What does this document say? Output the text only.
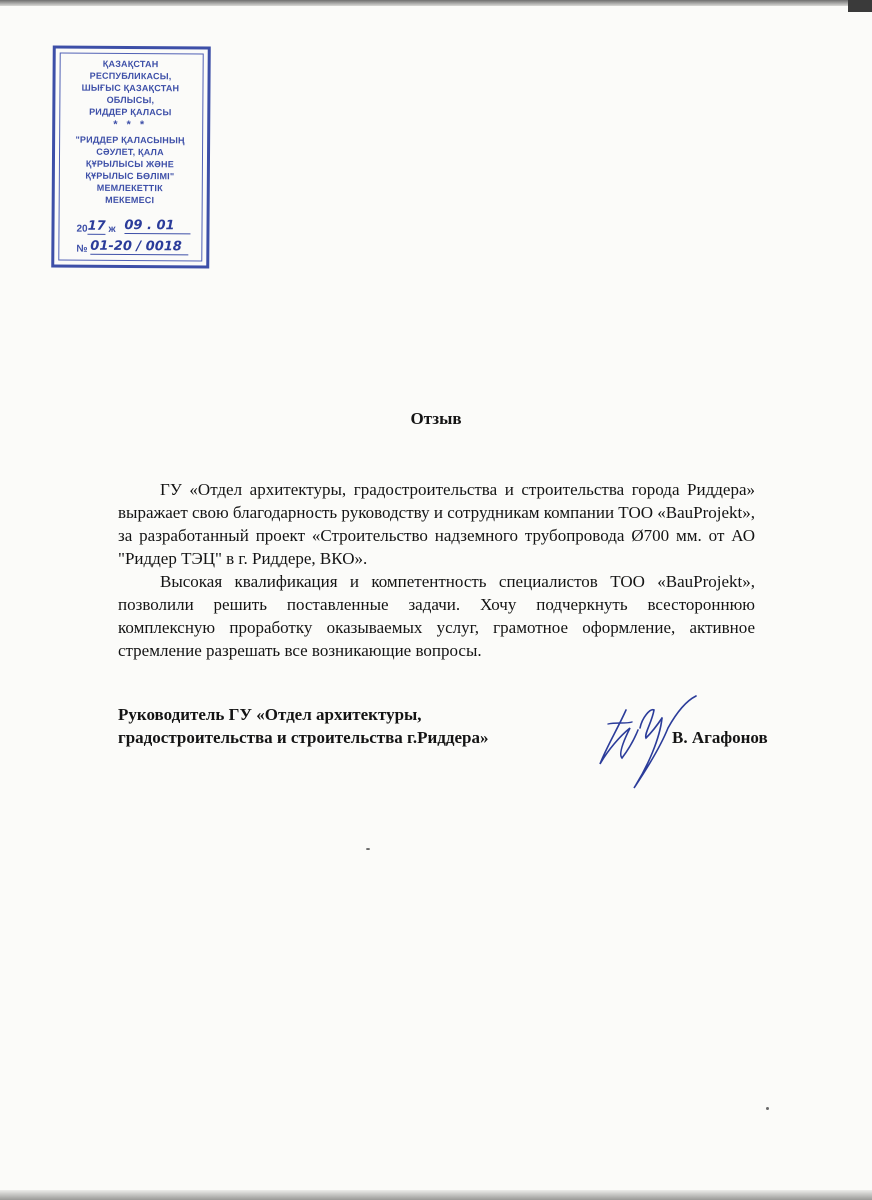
ҚАЗАҚСТАН
РЕСПУБЛИКАСЫ,
ШЫҒЫС ҚАЗАҚСТАН
ОБЛЫСЫ,
РИДДЕР ҚАЛАСЫ
* * *
"РИДДЕР ҚАЛАСЫНЫҢ
СӘУЛЕТ, ҚАЛА
ҚҰРЫЛЫСЫ ЖӘНЕ
ҚҰРЫЛЫС БӨЛІМІ"
МЕМЛЕКЕТТІК
МЕКЕМЕСІ
2017 ж 09 . 01
№ 01-20 / 0018
Отзыв

ГУ «Отдел архитектуры, градостроительства и строительства города Риддера» выражает свою благодарность руководству и сотрудникам компании ТОО «BauProjekt», за разработанный проект «Строительство надземного трубопровода Ø700 мм. от АО "Риддер ТЭЦ" в г. Риддере, ВКО».

Высокая квалификация и компетентность специалистов ТОО «BauProjekt», позволили решить поставленные задачи. Хочу подчеркнуть всестороннюю комплексную проработку оказываемых услуг, грамотное оформление, активное стремление разрешать все возникающие вопросы.

Руководитель ГУ «Отдел архитектуры,
градостроительства и строительства г.Риддера»	В. Агафонов
